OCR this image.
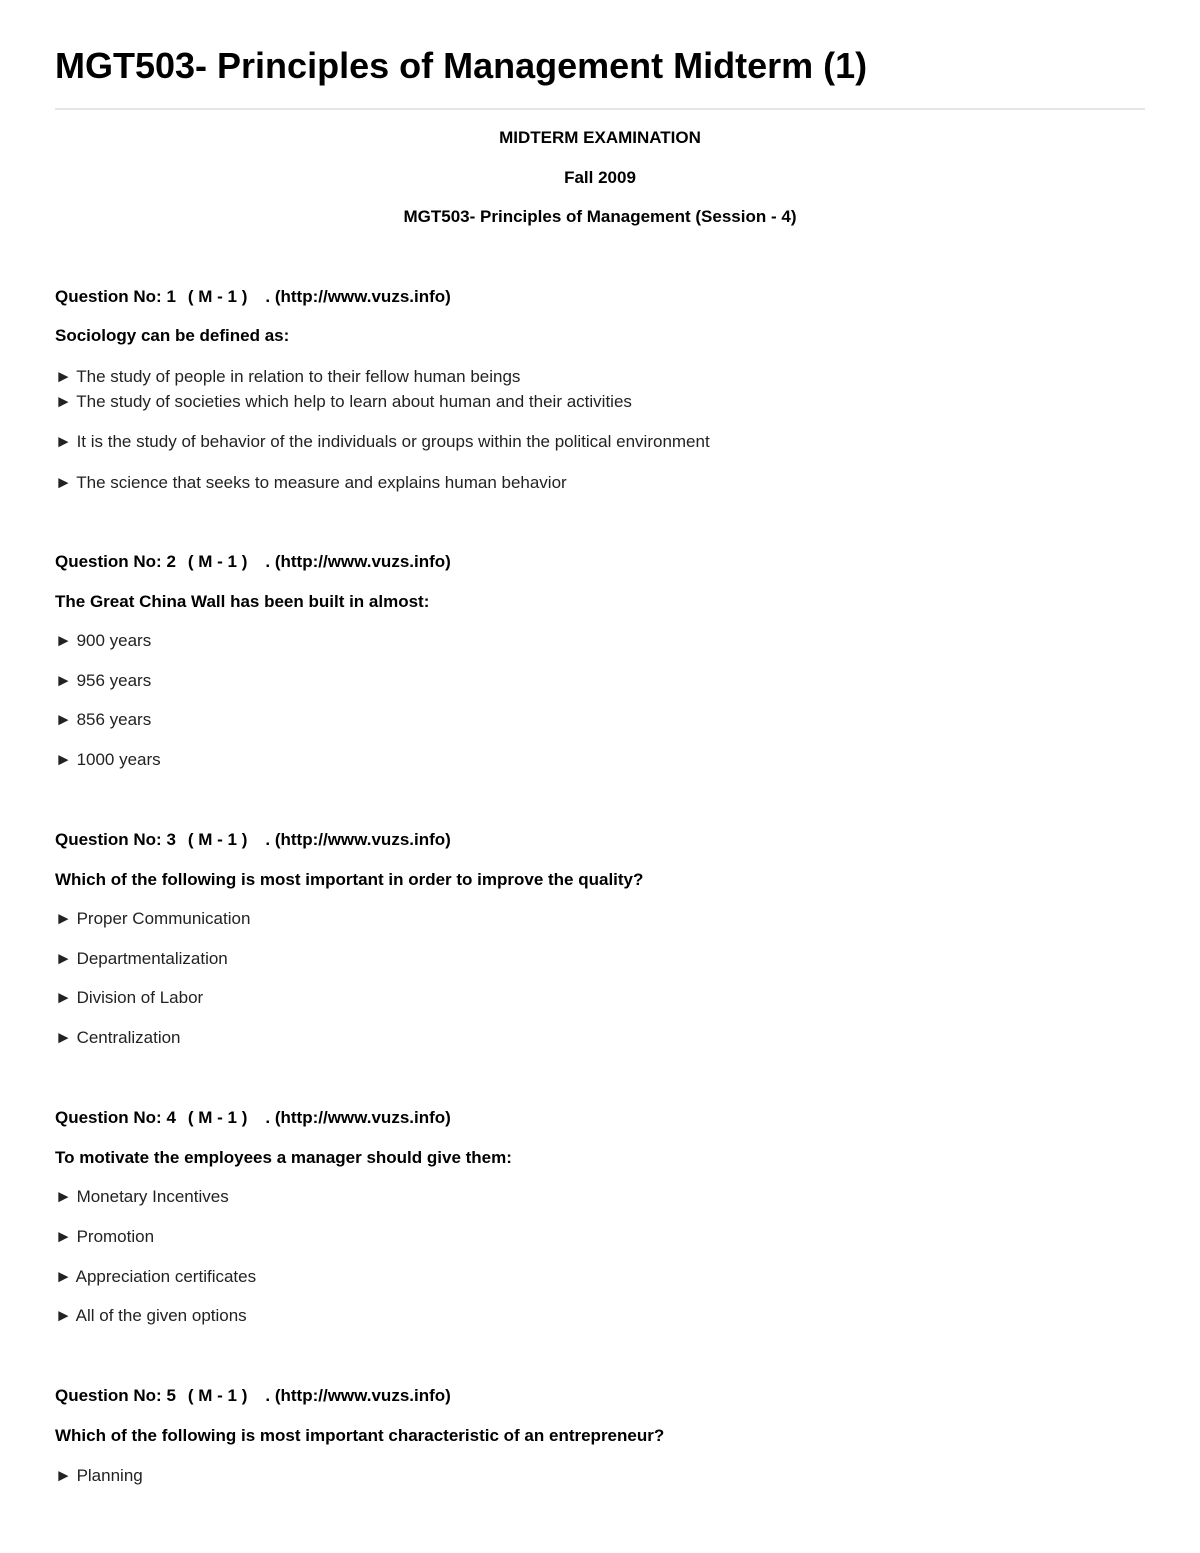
MGT503- Principles of Management Midterm (1)
MIDTERM EXAMINATION
Fall 2009
MGT503- Principles of Management (Session - 4)
Question No: 1 ( M - 1 ) . (http://www.vuzs.info)
Sociology can be defined as:
► The study of people in relation to their fellow human beings
► The study of societies which help to learn about human and their activities
► It is the study of behavior of the individuals or groups within the political environment
► The science that seeks to measure and explains human behavior
Question No: 2 ( M - 1 ) . (http://www.vuzs.info)
The Great China Wall has been built in almost:
► 900 years
► 956 years
► 856 years
► 1000 years
Question No: 3 ( M - 1 ) . (http://www.vuzs.info)
Which of the following is most important in order to improve the quality?
► Proper Communication
► Departmentalization
► Division of Labor
► Centralization
Question No: 4 ( M - 1 ) . (http://www.vuzs.info)
To motivate the employees a manager should give them:
► Monetary Incentives
► Promotion
► Appreciation certificates
► All of the given options
Question No: 5 ( M - 1 ) . (http://www.vuzs.info)
Which of the following is most important characteristic of an entrepreneur?
► Planning
